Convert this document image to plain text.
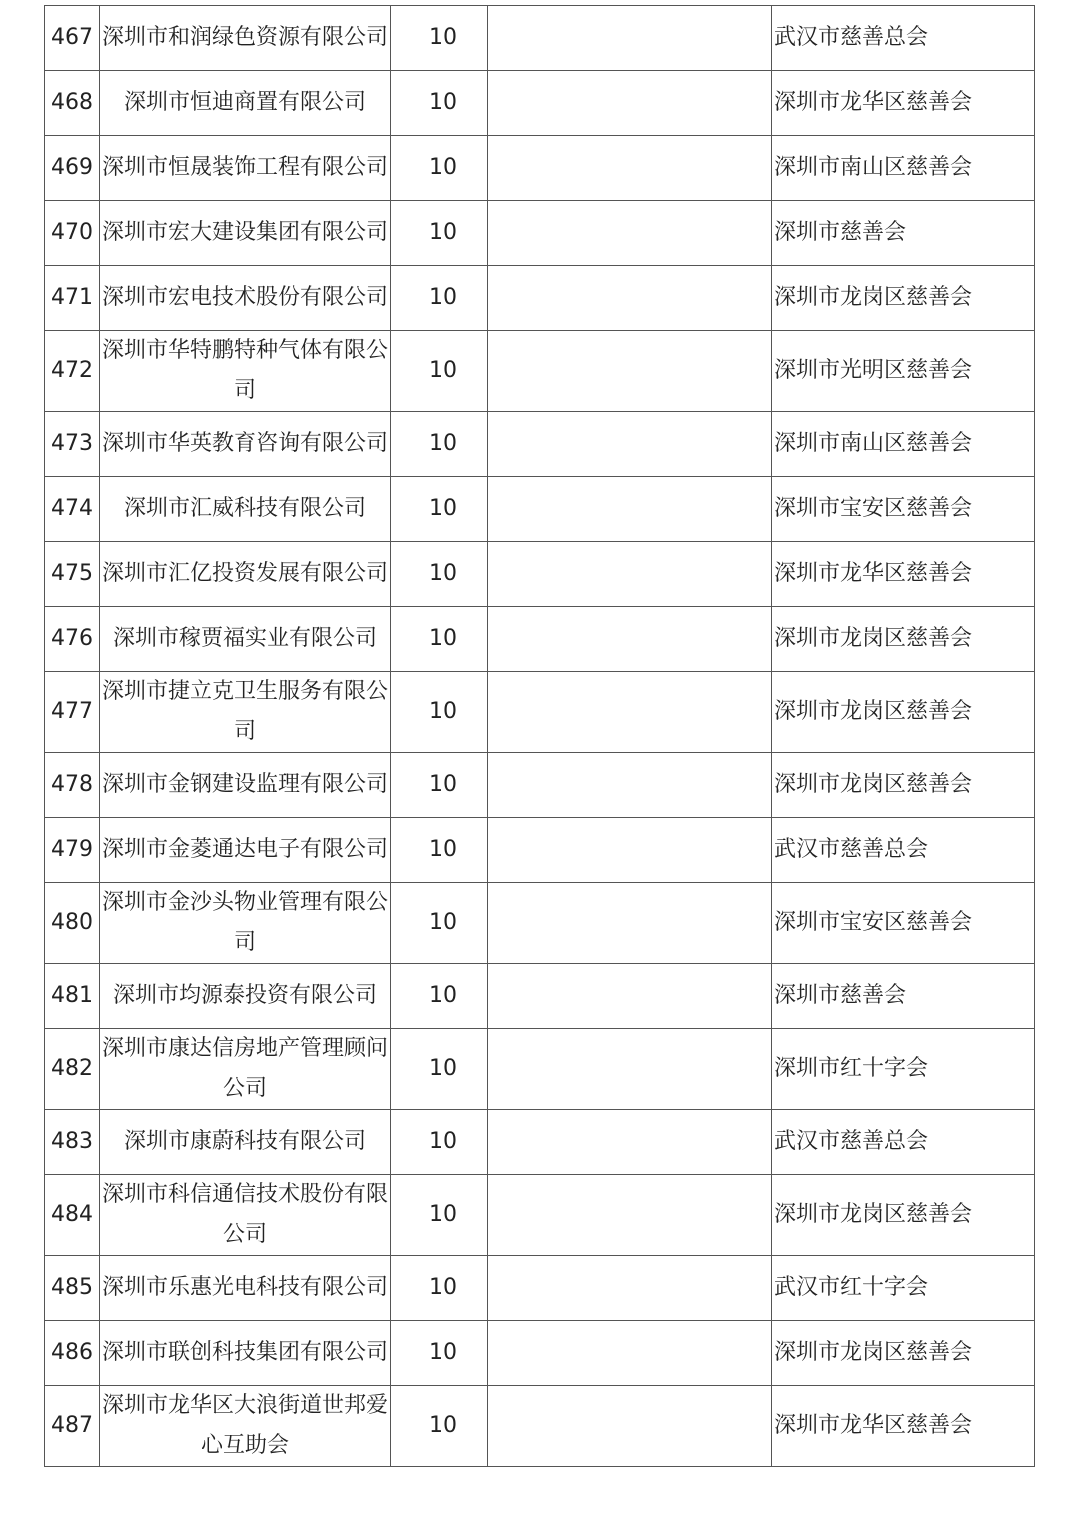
467	深圳市和润绿色资源有限公司	10		武汉市慈善总会
468	深圳市恒迪商置有限公司	10		深圳市龙华区慈善会
469	深圳市恒晟装饰工程有限公司	10		深圳市南山区慈善会
470	深圳市宏大建设集团有限公司	10		深圳市慈善会
471	深圳市宏电技术股份有限公司	10		深圳市龙岗区慈善会
472	深圳市华特鹏特种气体有限公司	10		深圳市光明区慈善会
473	深圳市华英教育咨询有限公司	10		深圳市南山区慈善会
474	深圳市汇威科技有限公司	10		深圳市宝安区慈善会
475	深圳市汇亿投资发展有限公司	10		深圳市龙华区慈善会
476	深圳市稼贾福实业有限公司	10		深圳市龙岗区慈善会
477	深圳市捷立克卫生服务有限公司	10		深圳市龙岗区慈善会
478	深圳市金钢建设监理有限公司	10		深圳市龙岗区慈善会
479	深圳市金菱通达电子有限公司	10		武汉市慈善总会
480	深圳市金沙头物业管理有限公司	10		深圳市宝安区慈善会
481	深圳市均源泰投资有限公司	10		深圳市慈善会
482	深圳市康达信房地产管理顾问公司	10		深圳市红十字会
483	深圳市康蔚科技有限公司	10		武汉市慈善总会
484	深圳市科信通信技术股份有限公司	10		深圳市龙岗区慈善会
485	深圳市乐惠光电科技有限公司	10		武汉市红十字会
486	深圳市联创科技集团有限公司	10		深圳市龙岗区慈善会
487	深圳市龙华区大浪街道世邦爱心互助会	10		深圳市龙华区慈善会
